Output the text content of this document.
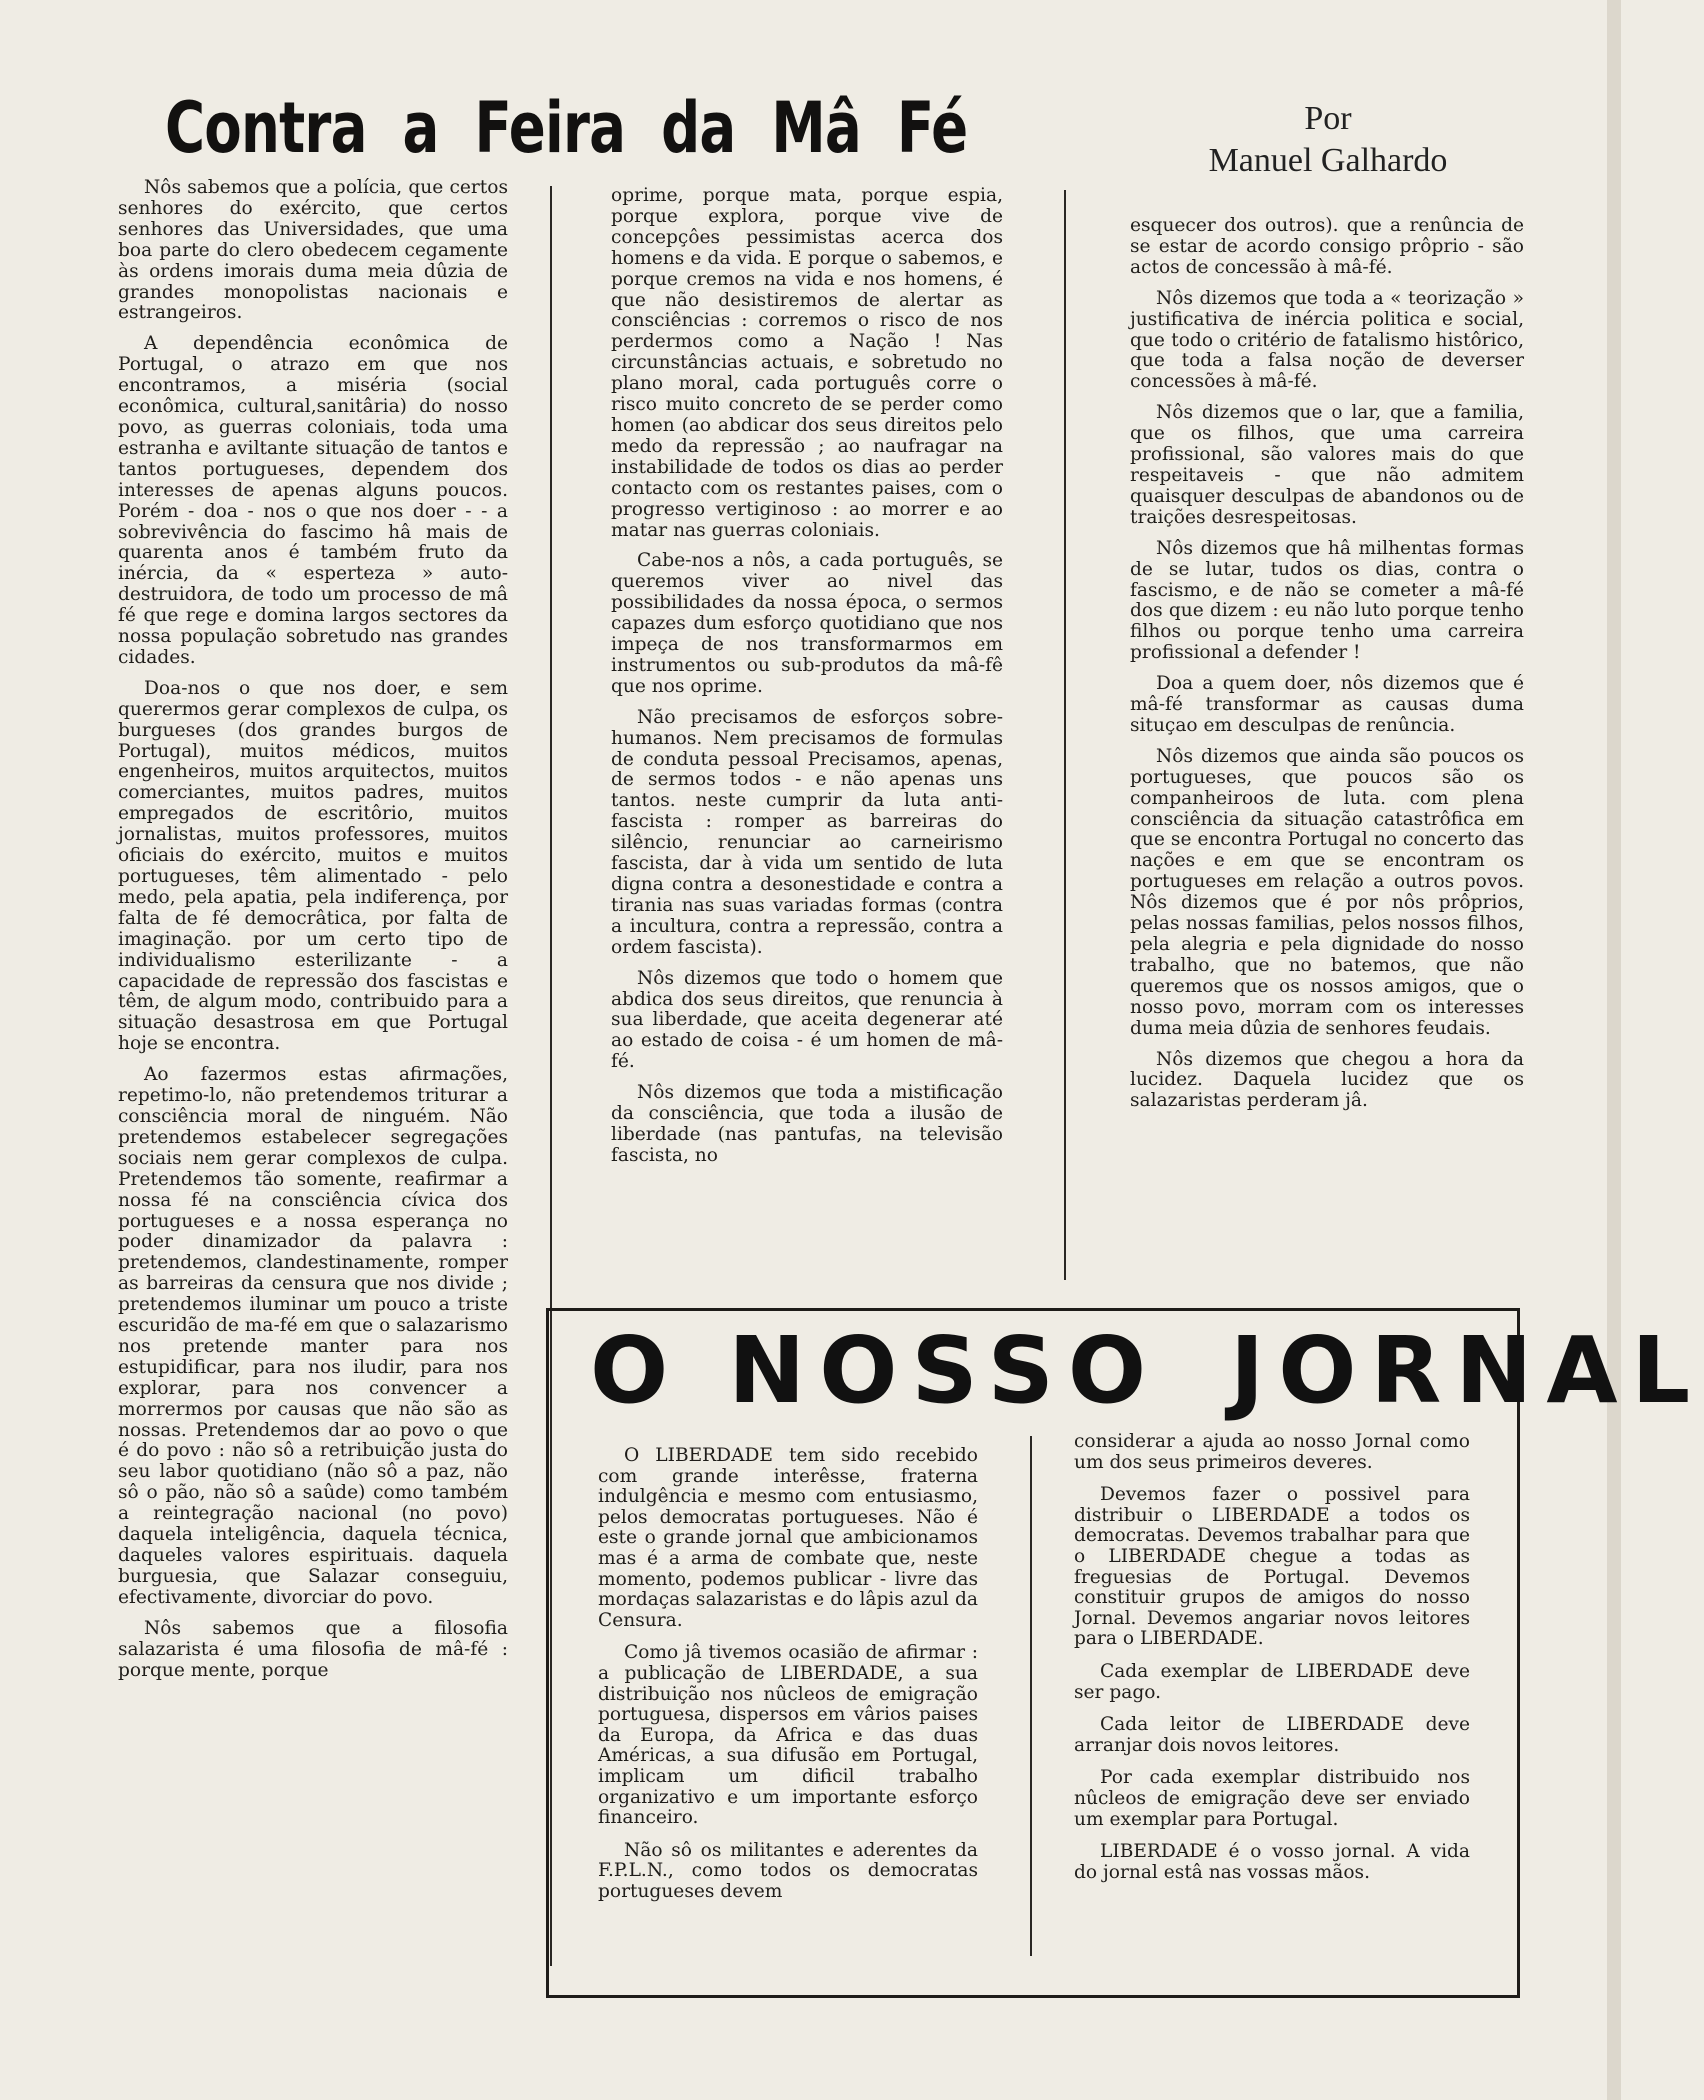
Contra a Feira da Mâ Fé	Por
Manuel Galhardo

Nôs sabemos que a polícia, que certos senhores do exército, que certos senhores das Universidades, que uma boa parte do clero obedecem cegamente às ordens imorais duma meia dûzia de grandes monopolistas nacionais e estrangeiros.

A dependência econômica de Portugal, o atrazo em que nos encontramos, a miséria (social econômica, cultural,sanitâria) do nosso povo, as guerras coloniais, toda uma estranha e aviltante situação de tantos e tantos portugueses, dependem dos interesses de apenas alguns poucos. Porém - doa - nos o que nos doer - - a sobrevivência do fascimo hâ mais de quarenta anos é também fruto da inércia, da « esperteza » auto-destruidora, de todo um processo de mâ fé que rege e domina largos sectores da nossa população sobretudo nas grandes cidades.

Doa-nos o que nos doer, e sem querermos gerar complexos de culpa, os burgueses (dos grandes burgos de Portugal), muitos médicos, muitos engenheiros, muitos arquitectos, muitos comerciantes, muitos padres, muitos empregados de escritôrio, muitos jornalistas, muitos professores, muitos oficiais do exército, muitos e muitos portugueses, têm alimentado - pelo medo, pela apatia, pela indiferença, por falta de fé democrâtica, por falta de imaginação. por um certo tipo de individualismo esterilizante - a capacidade de repressão dos fascistas e têm, de algum modo, contribuido para a situação desastrosa em que Portugal hoje se encontra.

Ao fazermos estas afirmações, repetimo-lo, não pretendemos triturar a consciência moral de ninguém. Não pretendemos estabelecer segregações sociais nem gerar complexos de culpa. Pretendemos tão somente, reafirmar a nossa fé na consciência cívica dos portugueses e a nossa esperança no poder dinamizador da palavra : pretendemos, clandestinamente, romper as barreiras da censura que nos divide ; pretendemos iluminar um pouco a triste escuridão de ma-fé em que o salazarismo nos pretende manter para nos estupidificar, para nos iludir, para nos explorar, para nos convencer a morrermos por causas que não são as nossas. Pretendemos dar ao povo o que é do povo : não sô a retribuição justa do seu labor quotidiano (não sô a paz, não sô o pão, não sô a saûde) como também a reintegração nacional (no povo) daquela inteligência, daquela técnica, daqueles valores espirituais. daquela burguesia, que Salazar conseguiu, efectivamente, divorciar do povo.

Nôs sabemos que a filosofia salazarista é uma filosofia de mâ-fé : porque mente, porque

oprime, porque mata, porque espia, porque explora, porque vive de concepçôes pessimistas acerca dos homens e da vida. E porque o sabemos, e porque cremos na vida e nos homens, é que não desistiremos de alertar as consciências : corremos o risco de nos perdermos como a Nação ! Nas circunstâncias actuais, e sobretudo no plano moral, cada português corre o risco muito concreto de se perder como homen (ao abdicar dos seus direitos pelo medo da repressão ; ao naufragar na instabilidade de todos os dias ao perder contacto com os restantes paises, com o progresso vertiginoso : ao morrer e ao matar nas guerras coloniais.

Cabe-nos a nôs, a cada português, se queremos viver ao nivel das possibilidades da nossa época, o sermos capazes dum esforço quotidiano que nos impeça de nos transformarmos em instrumentos ou sub-produtos da mâ-fê que nos oprime.

Não precisamos de esforços sobre-humanos. Nem precisamos de formulas de conduta pessoal Precisamos, apenas, de sermos todos - e não apenas uns tantos. neste cumprir da luta anti-fascista : romper as barreiras do silêncio, renunciar ao carneirismo fascista, dar à vida um sentido de luta digna contra a desonestidade e contra a tirania nas suas variadas formas (contra a incultura, contra a repressão, contra a ordem fascista).

Nôs dizemos que todo o homem que abdica dos seus direitos, que renuncia à sua liberdade, que aceita degenerar até ao estado de coisa - é um homen de mâ-fé.

Nôs dizemos que toda a mistificação da consciência, que toda a ilusão de liberdade (nas pantufas, na televisão fascista, no

esquecer dos outros). que a renûncia de se estar de acordo consigo prôprio - são actos de concessão à mâ-fé.

Nôs dizemos que toda a « teorização » justificativa de inércia politica e social, que todo o critério de fatalismo histôrico, que toda a falsa noção de deverser concessões à mâ-fé.

Nôs dizemos que o lar, que a familia, que os filhos, que uma carreira profissional, são valores mais do que respeitaveis - que não admitem quaisquer desculpas de abandonos ou de traições desrespeitosas.

Nôs dizemos que hâ milhentas formas de se lutar, tudos os dias, contra o fascismo, e de não se cometer a mâ-fé dos que dizem : eu não luto porque tenho filhos ou porque tenho uma carreira profissional a defender !

Doa a quem doer, nôs dizemos que é mâ-fé transformar as causas duma situçao em desculpas de renûncia.

Nôs dizemos que ainda são poucos os portugueses, que poucos são os companheiroos de luta. com plena consciência da situação catastrôfica em que se encontra Portugal no concerto das nações e em que se encontram os portugueses em relação a outros povos. Nôs dizemos que é por nôs prôprios, pelas nossas familias, pelos nossos filhos, pela alegria e pela dignidade do nosso trabalho, que no batemos, que não queremos que os nossos amigos, que o nosso povo, morram com os interesses duma meia dûzia de senhores feudais.

Nôs dizemos que chegou a hora da lucidez. Daquela lucidez que os salazaristas perderam jâ.

O NOSSO JORNAL

O LIBERDADE tem sido recebido com grande interêsse, fraterna indulgência e mesmo com entusiasmo, pelos democratas portugueses. Não é este o grande jornal que ambicionamos mas é a arma de combate que, neste momento, podemos publicar - livre das mordaças salazaristas e do lâpis azul da Censura.

Como jâ tivemos ocasião de afirmar : a publicação de LIBERDADE, a sua distribuição nos nûcleos de emigração portuguesa, dispersos em vârios paises da Europa, da Africa e das duas Américas, a sua difusão em Portugal, implicam um dificil trabalho organizativo e um importante esforço financeiro.

Não sô os militantes e aderentes da F.P.L.N., como todos os democratas portugueses devem

considerar a ajuda ao nosso Jornal como um dos seus primeiros deveres.

Devemos fazer o possivel para distribuir o LIBERDADE a todos os democratas. Devemos trabalhar para que o LIBERDADE chegue a todas as freguesias de Portugal. Devemos constituir grupos de amigos do nosso Jornal. Devemos angariar novos leitores para o LIBERDADE.

Cada exemplar de LIBERDADE deve ser pago.

Cada leitor de LIBERDADE deve arranjar dois novos leitores.

Por cada exemplar distribuido nos nûcleos de emigração deve ser enviado um exemplar para Portugal.

LIBERDADE é o vosso jornal. A vida do jornal estâ nas vossas mãos.
